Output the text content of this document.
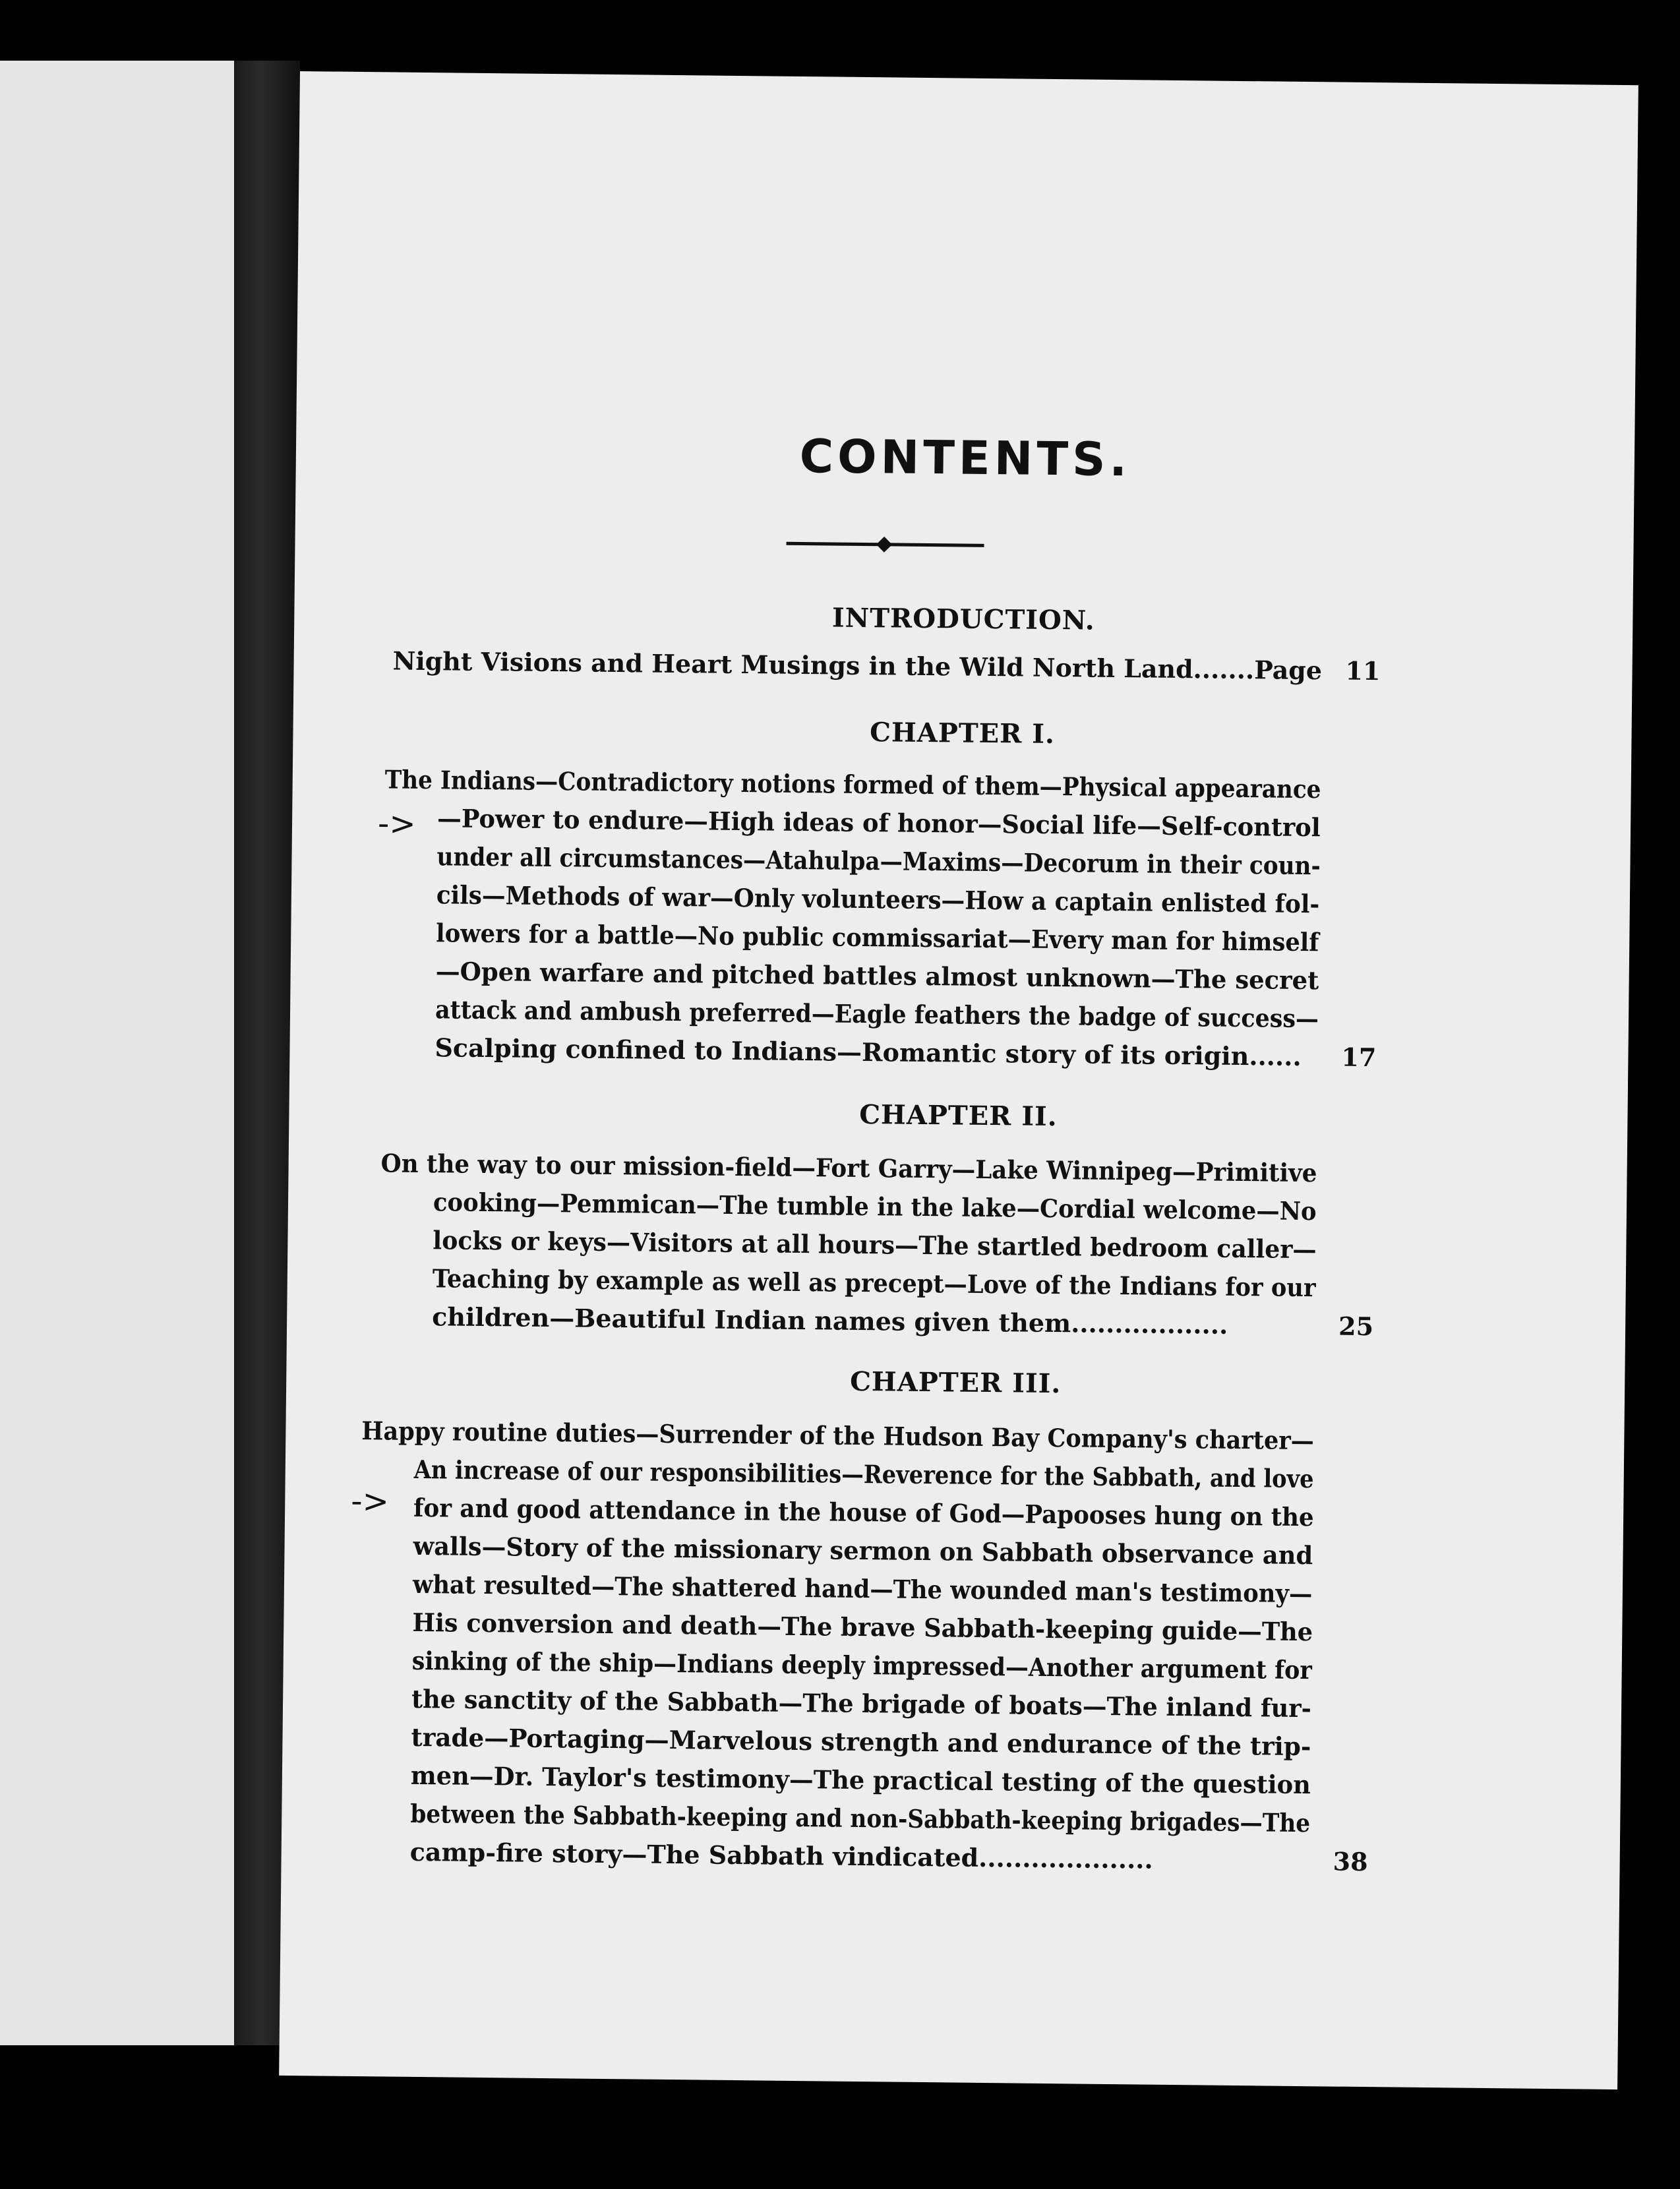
CONTENTS.
INTRODUCTION.
Night Visions and Heart Musings in the Wild North Land.......Page 11
CHAPTER I.
The Indians—Contradictory notions formed of them—Physical appearance
—Power to endure—High ideas of honor—Social life—Self-control
under all circumstances—Atahulpa—Maxims—Decorum in their coun-
cils—Methods of war—Only volunteers—How a captain enlisted fol-
lowers for a battle—No public commissariat—Every man for himself
—Open warfare and pitched battles almost unknown—The secret
attack and ambush preferred—Eagle feathers the badge of success—
Scalping confined to Indians—Romantic story of its origin...... 17
CHAPTER II.
On the way to our mission-field—Fort Garry—Lake Winnipeg—Primitive
cooking—Pemmican—The tumble in the lake—Cordial welcome—No
locks or keys—Visitors at all hours—The startled bedroom caller—
Teaching by example as well as precept—Love of the Indians for our
children—Beautiful Indian names given them..................	25
CHAPTER III.
Happy routine duties—Surrender of the Hudson Bay Company's charter—
An increase of our responsibilities—Reverence for the Sabbath, and love
for and good attendance in the house of God—Papooses hung on the
walls—Story of the missionary sermon on Sabbath observance and
what resulted—The shattered hand—The wounded man's testimony—
His conversion and death—The brave Sabbath-keeping guide—The
sinking of the ship—Indians deeply impressed—Another argument for
the sanctity of the Sabbath—The brigade of boats—The inland fur-
trade—Portaging—Marvelous strength and endurance of the trip-
men—Dr. Taylor's testimony—The practical testing of the question
between the Sabbath-keeping and non-Sabbath-keeping brigades—The
camp-fire story—The Sabbath vindicated....................	38
->
->
